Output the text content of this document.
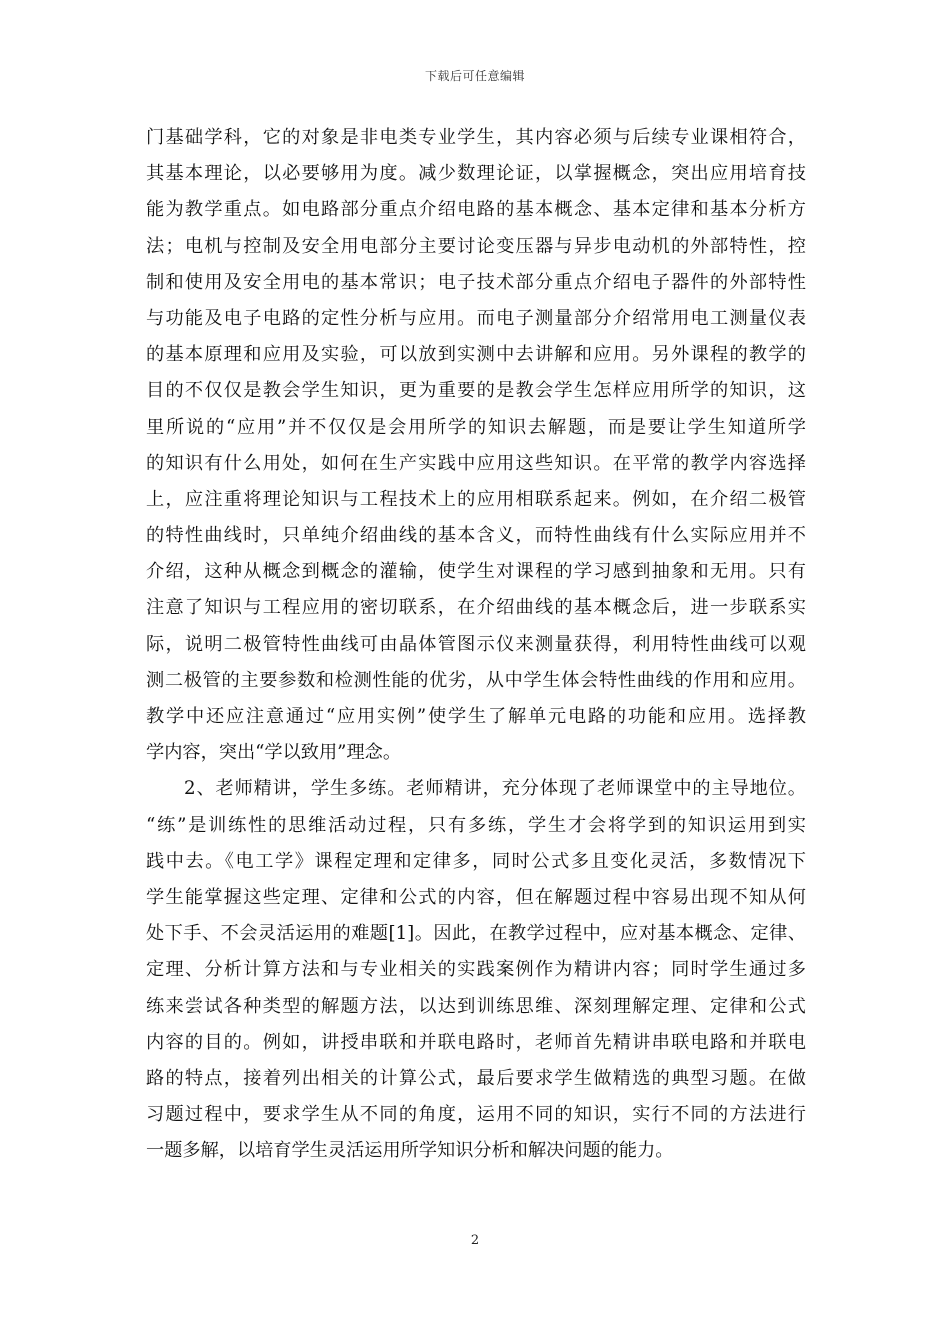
下载后可任意编辑
门基础学科，它的对象是非电类专业学生，其内容必须与后续专业课相符合，
其基本理论，以必要够用为度。减少数理论证，以掌握概念，突出应用培育技
能为教学重点。如电路部分重点介绍电路的基本概念、基本定律和基本分析方
法；电机与控制及安全用电部分主要讨论变压器与异步电动机的外部特性，控
制和使用及安全用电的基本常识；电子技术部分重点介绍电子器件的外部特性
与功能及电子电路的定性分析与应用。而电子测量部分介绍常用电工测量仪表
的基本原理和应用及实验，可以放到实测中去讲解和应用。另外课程的教学的
目的不仅仅是教会学生知识，更为重要的是教会学生怎样应用所学的知识，这
里所说的“应用”并不仅仅是会用所学的知识去解题，而是要让学生知道所学
的知识有什么用处，如何在生产实践中应用这些知识。在平常的教学内容选择
上，应注重将理论知识与工程技术上的应用相联系起来。例如，在介绍二极管
的特性曲线时，只单纯介绍曲线的基本含义，而特性曲线有什么实际应用并不
介绍，这种从概念到概念的灌输，使学生对课程的学习感到抽象和无用。只有
注意了知识与工程应用的密切联系，在介绍曲线的基本概念后，进一步联系实
际，说明二极管特性曲线可由晶体管图示仪来测量获得，利用特性曲线可以观
测二极管的主要参数和检测性能的优劣，从中学生体会特性曲线的作用和应用。
教学中还应注意通过“应用实例”使学生了解单元电路的功能和应用。选择教
学内容，突出“学以致用”理念。
2、老师精讲，学生多练。老师精讲，充分体现了老师课堂中的主导地位。
“练”是训练性的思维活动过程，只有多练，学生才会将学到的知识运用到实
践中去。《电工学》课程定理和定律多，同时公式多且变化灵活，多数情况下
学生能掌握这些定理、定律和公式的内容，但在解题过程中容易出现不知从何
处下手、不会灵活运用的难题[1]。因此，在教学过程中，应对基本概念、定律、
定理、分析计算方法和与专业相关的实践案例作为精讲内容；同时学生通过多
练来尝试各种类型的解题方法，以达到训练思维、深刻理解定理、定律和公式
内容的目的。例如，讲授串联和并联电路时，老师首先精讲串联电路和并联电
路的特点，接着列出相关的计算公式，最后要求学生做精选的典型习题。在做
习题过程中，要求学生从不同的角度，运用不同的知识，实行不同的方法进行
一题多解，以培育学生灵活运用所学知识分析和解决问题的能力。
2
